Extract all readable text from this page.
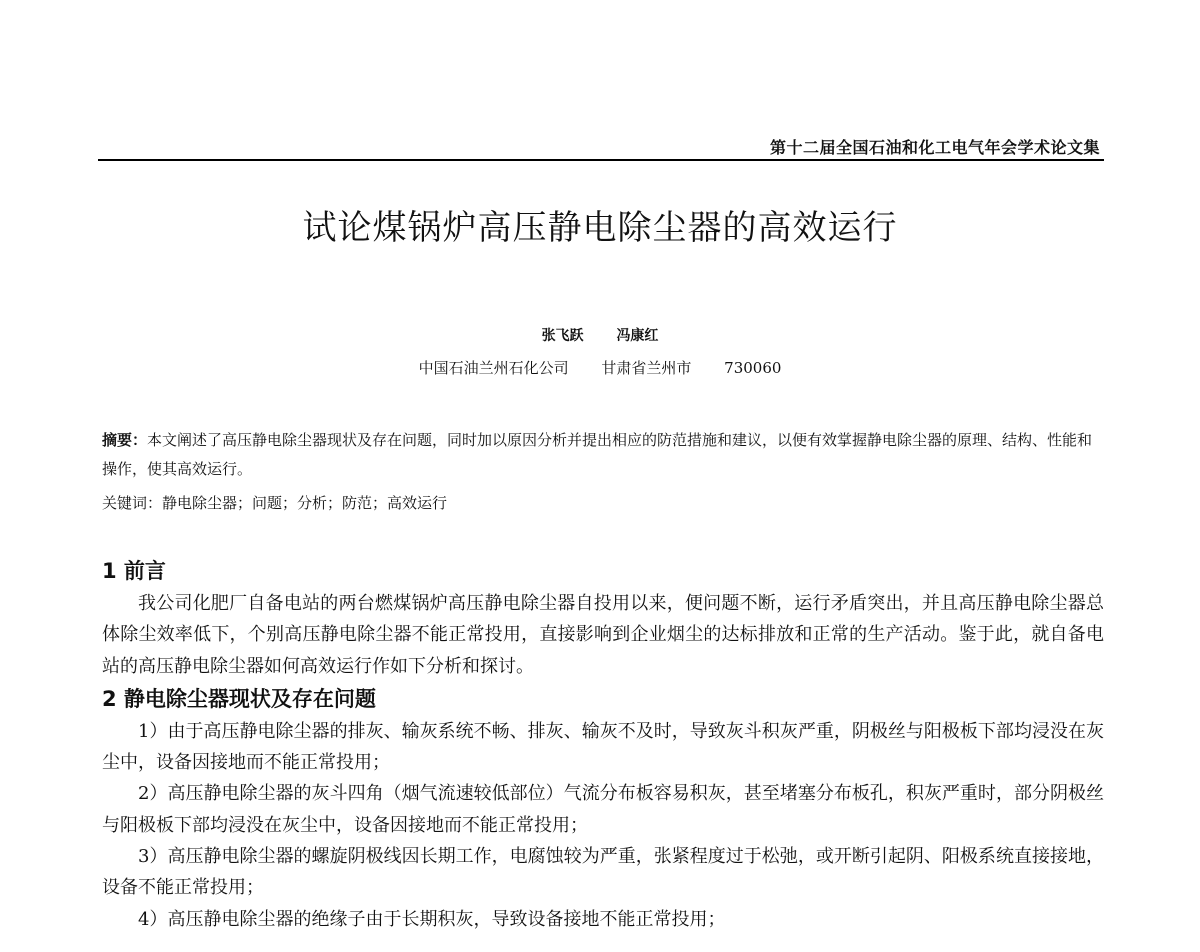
第十二届全国石油和化工电气年会学术论文集
试论煤锅炉高压静电除尘器的高效运行
张飞跃 冯康红
中国石油兰州石化公司 甘肃省兰州市 730060
摘要：本文阐述了高压静电除尘器现状及存在问题，同时加以原因分析并提出相应的防范措施和建议，以便有效掌握静电除尘器的原理、结构、性能和操作，使其高效运行。
关键词：静电除尘器；问题；分析；防范；高效运行
1 前言

我公司化肥厂自备电站的两台燃煤锅炉高压静电除尘器自投用以来，便问题不断，运行矛盾突出，并且高压静电除尘器总体除尘效率低下，个别高压静电除尘器不能正常投用，直接影响到企业烟尘的达标排放和正常的生产活动。鉴于此，就自备电站的高压静电除尘器如何高效运行作如下分析和探讨。

2 静电除尘器现状及存在问题

1）由于高压静电除尘器的排灰、输灰系统不畅、排灰、输灰不及时，导致灰斗积灰严重，阴极丝与阳极板下部均浸没在灰尘中，设备因接地而不能正常投用；

2）高压静电除尘器的灰斗四角（烟气流速较低部位）气流分布板容易积灰，甚至堵塞分布板孔，积灰严重时，部分阴极丝与阳极板下部均浸没在灰尘中，设备因接地而不能正常投用；

3）高压静电除尘器的螺旋阴极线因长期工作，电腐蚀较为严重，张紧程度过于松弛，或开断引起阴、阳极系统直接接地，设备不能正常投用；

4）高压静电除尘器的绝缘子由于长期积灰，导致设备接地不能正常投用；
